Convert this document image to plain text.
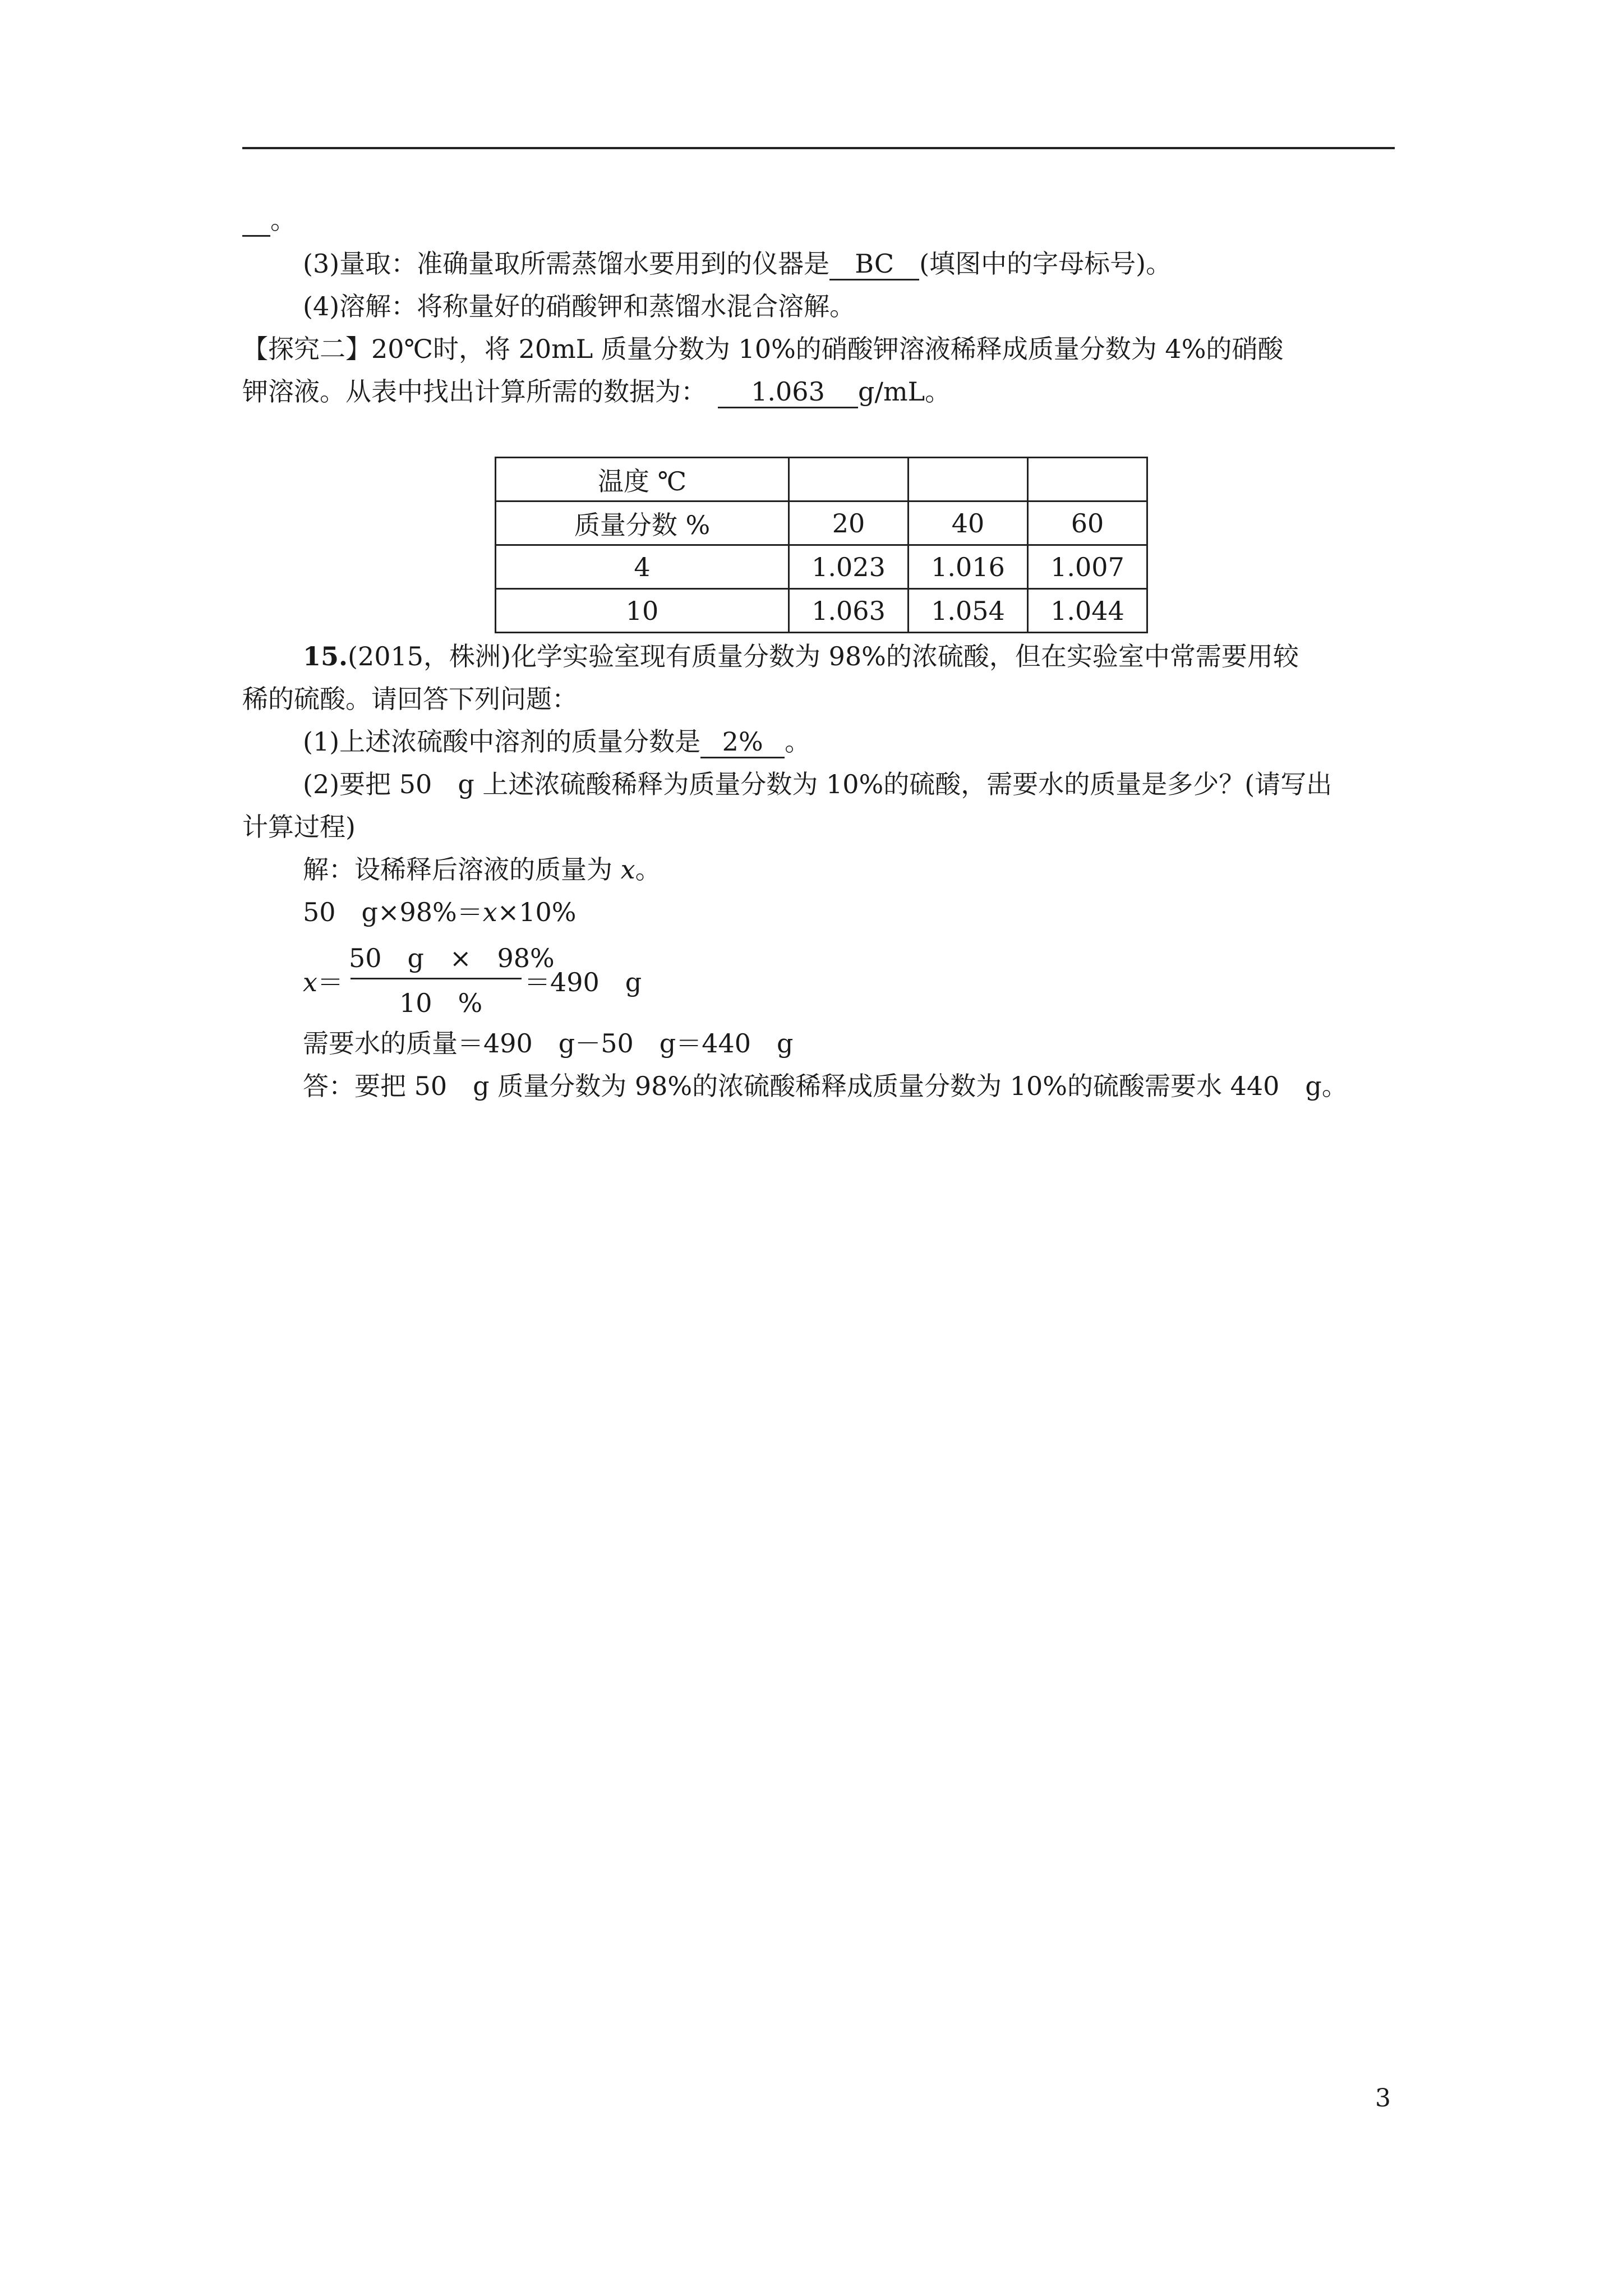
　。
(3)量取：准确量取所需蒸馏水要用到的仪器是 BC (填图中的字母标号)。
(4)溶解：将称量好的硝酸钾和蒸馏水混合溶解。
【探究二】20℃时，将 20mL 质量分数为 10%的硝酸钾溶液稀释成质量分数为 4%的硝酸
钾溶液。从表中找出计算所需的数据为： 1.063 g/mL。
温度 ℃			
质量分数 %	20	40	60
4	1.023	1.016	1.007
10	1.063	1.054	1.044
15.(2015，株洲)化学实验室现有质量分数为 98%的浓硫酸，但在实验室中常需要用较
稀的硫酸。请回答下列问题：
(1)上述浓硫酸中溶剂的质量分数是 2% 。
(2)要把 50　g 上述浓硫酸稀释为质量分数为 10%的硫酸，需要水的质量是多少？(请写出
计算过程)
解：设稀释后溶液的质量为 x。
50　g×98%＝x×10%
x＝
50　g　×　98%
10　%
＝490　g
需要水的质量＝490　g－50　g＝440　g
答：要把 50　g 质量分数为 98%的浓硫酸稀释成质量分数为 10%的硫酸需要水 440　g。
3
